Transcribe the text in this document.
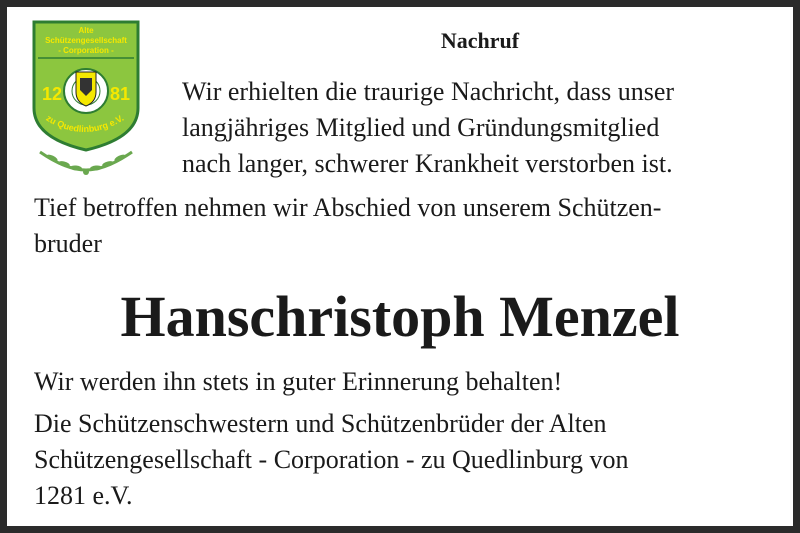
Alte
Schützengesellschaft
- Corporation -
12	81
zu Quedlinburg e.V.
Nachruf
Wir erhielten die traurige Nachricht, dass unser
langjähriges Mitglied und Gründungsmitglied
nach langer, schwerer Krankheit verstorben ist.
Tief betroffen nehmen wir Abschied von unserem Schützen-
bruder
Hanschristoph Menzel
Wir werden ihn stets in guter Erinnerung behalten!
Die Schützenschwestern und Schützenbrüder der Alten
Schützengesellschaft - Corporation - zu Quedlinburg von
1281 e.V.
